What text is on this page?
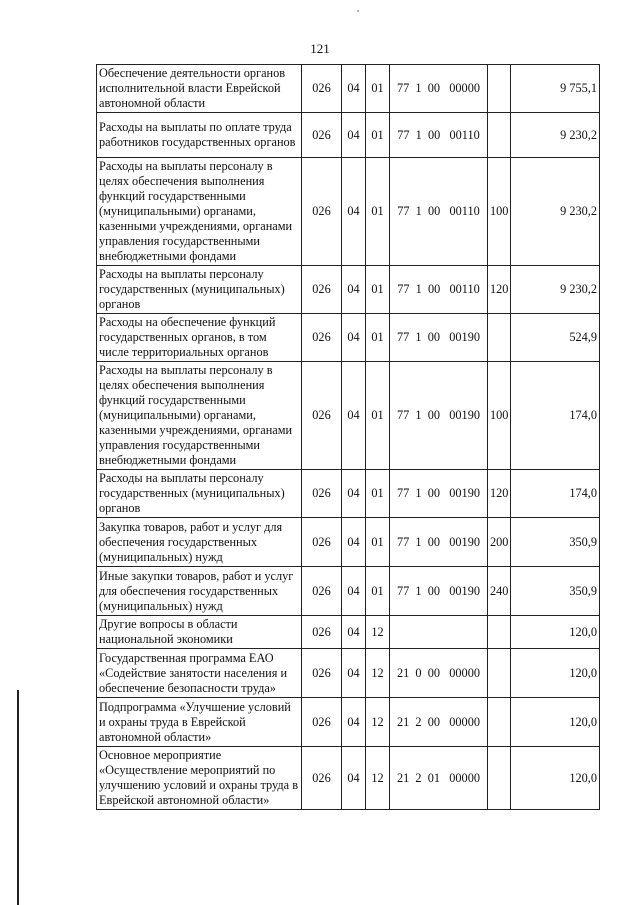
121
Обеспечение деятельности органов исполнительной власти Еврейской автономной области	026	04	01	77  1  00   00000		9 755,1
Расходы на выплаты по оплате труда работников государственных органов	026	04	01	77  1  00   00110		9 230,2
Расходы на выплаты персоналу в целях обеспечения выполнения функций государственными (муниципальными) органами, казенными учреждениями, органами управления государственными внебюджетными фондами	026	04	01	77  1  00   00110	100	9 230,2
Расходы на выплаты персоналу государственных (муниципальных) органов	026	04	01	77  1  00   00110	120	9 230,2
Расходы на обеспечение функций государственных органов, в том числе территориальных органов	026	04	01	77  1  00   00190		524,9
Расходы на выплаты персоналу в целях обеспечения выполнения функций государственными (муниципальными) органами, казенными учреждениями, органами управления государственными внебюджетными фондами	026	04	01	77  1  00   00190	100	174,0
Расходы на выплаты персоналу государственных (муниципальных) органов	026	04	01	77  1  00   00190	120	174,0
Закупка товаров, работ и услуг для обеспечения государственных (муниципальных) нужд	026	04	01	77  1  00   00190	200	350,9
Иные закупки товаров, работ и услуг для обеспечения государственных (муниципальных) нужд	026	04	01	77  1  00   00190	240	350,9
Другие вопросы в области национальной экономики	026	04	12			120,0
Государственная программа ЕАО «Содействие занятости населения и обеспечение безопасности труда»	026	04	12	21  0  00   00000		120,0
Подпрограмма «Улучшение условий и охраны труда в Еврейской автономной области»	026	04	12	21  2  00   00000		120,0
Основное мероприятие «Осуществление мероприятий по улучшению условий и охраны труда в Еврейской автономной области»	026	04	12	21  2  01   00000		120,0
